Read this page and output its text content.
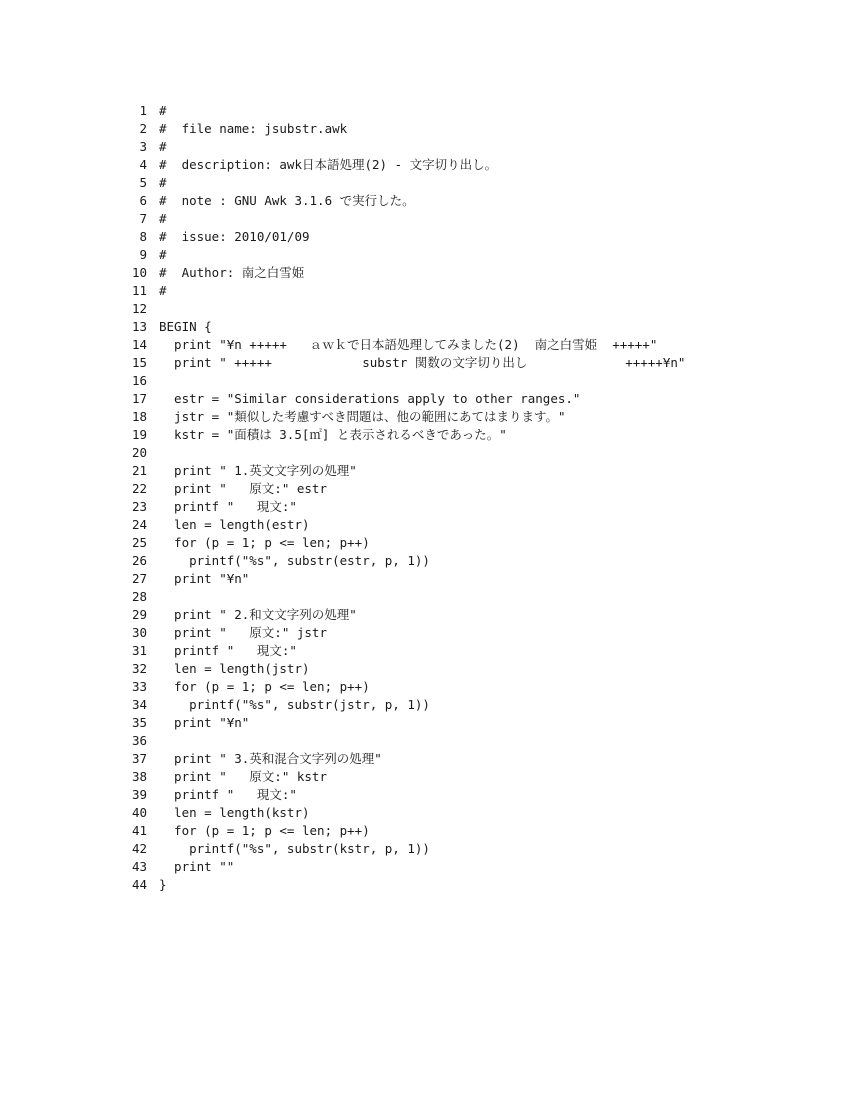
1 #
2 #  file name: jsubstr.awk
3 #
4 #  description: awk日本語処理(2) - 文字切り出し。
5 #
6 #  note : GNU Awk 3.1.6 で実行した。
7 #
8 #  issue: 2010/01/09
9 #
10 #  Author: 南之白雪姫
11 #
12
13 BEGIN {
14  print "¥n +++++   ａｗｋで日本語処理してみました(2)  南之白雪姫  +++++"
15  print " +++++            substr 関数の文字切り出し             +++++¥n"
16
17  estr = "Similar considerations apply to other ranges."
18  jstr = "類似した考慮すべき問題は、他の範囲にあてはまります。"
19  kstr = "面積は 3.5[㎡] と表示されるべきであった。"
20
21  print " 1.英文文字列の処理"
22  print "   原文:" estr
23  printf "   現文:"
24  len = length(estr)
25  for (p = 1; p <= len; p++)
26    printf("%s", substr(estr, p, 1))
27  print "¥n"
28
29  print " 2.和文文字列の処理"
30  print "   原文:" jstr
31  printf "   現文:"
32  len = length(jstr)
33  for (p = 1; p <= len; p++)
34    printf("%s", substr(jstr, p, 1))
35  print "¥n"
36
37  print " 3.英和混合文字列の処理"
38  print "   原文:" kstr
39  printf "   現文:"
40  len = length(kstr)
41  for (p = 1; p <= len; p++)
42    printf("%s", substr(kstr, p, 1))
43  print ""
44 }
